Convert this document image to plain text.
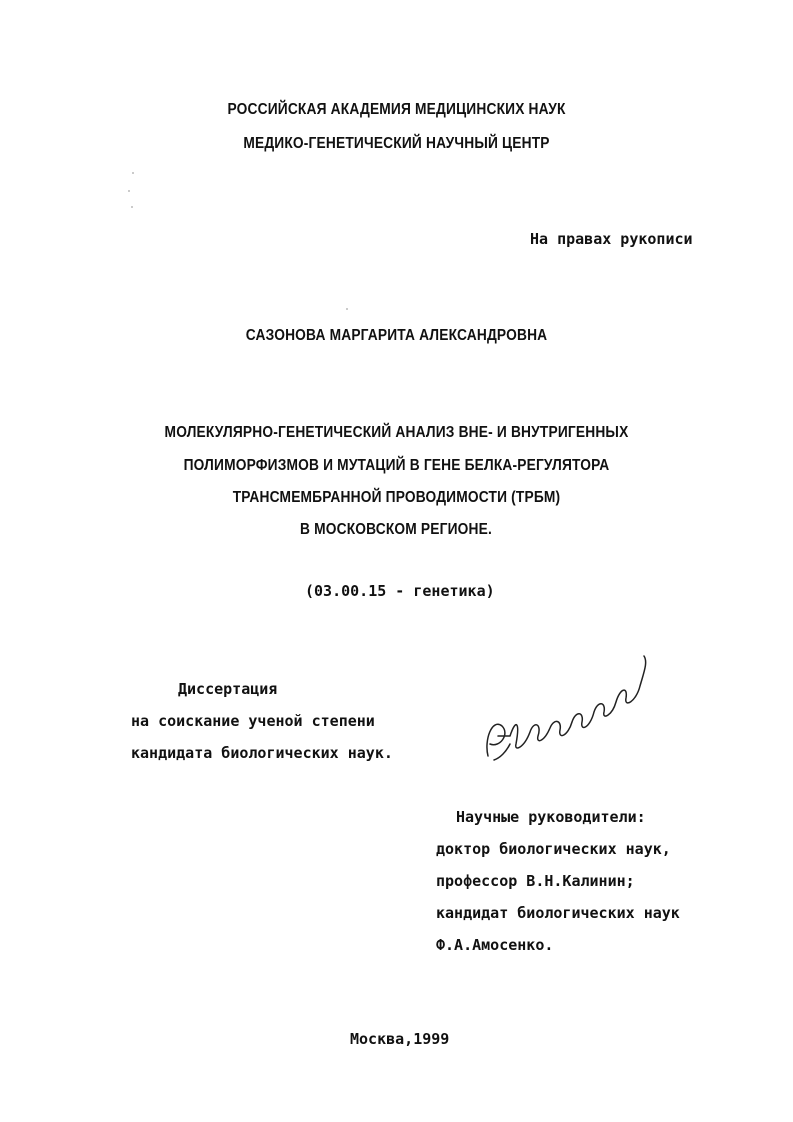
РОССИЙСКАЯ АКАДЕМИЯ МЕДИЦИНСКИХ НАУК
МЕДИКО-ГЕНЕТИЧЕСКИЙ НАУЧНЫЙ ЦЕНТР
На правах рукописи
САЗОНОВА МАРГАРИТА АЛЕКСАНДРОВНА
МОЛЕКУЛЯРНО-ГЕНЕТИЧЕСКИЙ АНАЛИЗ ВНЕ- И ВНУТРИГЕННЫХ
ПОЛИМОРФИЗМОВ И МУТАЦИЙ В ГЕНЕ БЕЛКА-РЕГУЛЯТОРА
ТРАНСМЕМБРАННОЙ ПРОВОДИМОСТИ (ТРБМ)
В МОСКОВСКОМ РЕГИОНЕ.
(03.00.15 - генетика)
Диссертация
на соискание ученой степени
кандидата биологических наук.
АСазонова
Научные руководители:
доктор биологических наук,
профессор В.Н.Калинин;
кандидат биологических наук
Ф.А.Амосенко.
Москва,1999
